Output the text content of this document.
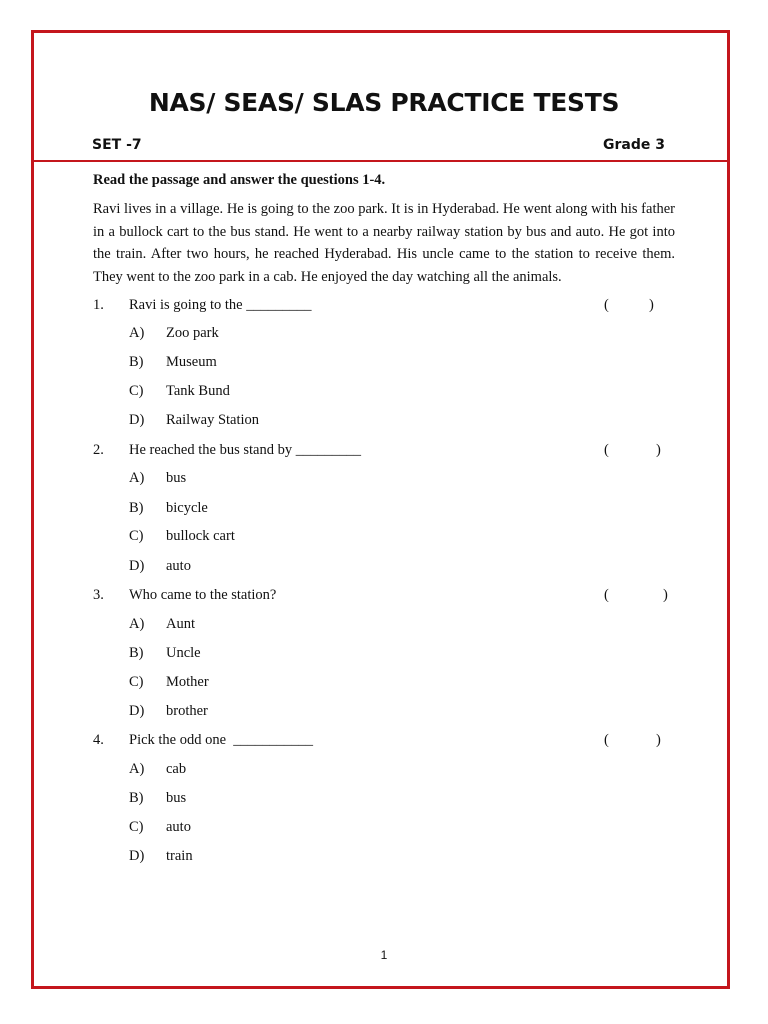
NAS/ SEAS/ SLAS PRACTICE TESTS
SET -7	Grade 3
Read the passage and answer the questions 1-4.
Ravi lives in a village. He is going to the zoo park. It is in Hyderabad. He went along with his father in a bullock cart to the bus stand. He went to a nearby railway station by bus and auto. He got into the train. After two hours, he reached Hyderabad. His uncle came to the station to receive them. They went to the zoo park in a cab. He enjoyed the day watching all the animals.
1. Ravi is going to the _________	(	)
A) Zoo park
B) Museum
C) Tank Bund
D) Railway Station
2. He reached the bus stand by _________	(	)
A) bus
B) bicycle
C) bullock cart
D) auto
3. Who came to the station?	(	)
A) Aunt
B) Uncle
C) Mother
D) brother
4. Pick the odd one  ___________	(	)
A) cab
B) bus
C) auto
D) train
1
